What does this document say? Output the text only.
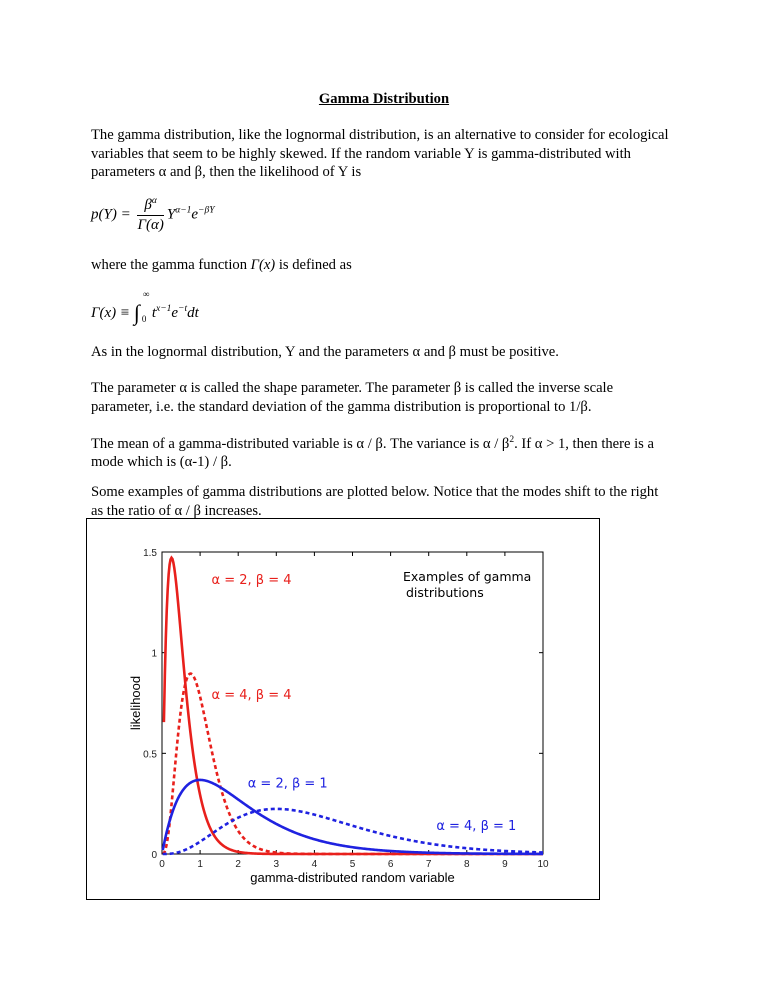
Gamma Distribution

The gamma distribution, like the lognormal distribution, is an alternative to consider for ecological variables that seem to be highly skewed. If the random variable Y is gamma-distributed with parameters α and β, then the likelihood of Y is

$p(Y) = \frac{\beta^\alpha}{\Gamma(\alpha)} Y^{\alpha-1}e^{-\beta Y}$

where the gamma function Γ(x) is defined as

Γ(x) ≡ ∫
∞
0 $t^{x-1}e^{-t}dt$

As in the lognormal distribution, Y and the parameters α and β must be positive.

The parameter α is called the shape parameter. The parameter β is called the inverse scale parameter, i.e. the standard deviation of the gamma distribution is proportional to 1/β.

The mean of a gamma-distributed variable is α / β. The variance is α / $\beta^2$. If α > 1, then there is a mode which is (α-1) / β.

Some examples of gamma distributions are plotted below. Notice that the modes shift to the right as the ratio of α / β increases.

0	1	2	3	4	5	6	7	8	9	10
0
0.5
1
1.5
gamma-distributed random variable
likelihood
Examples of gamma
distributions
α = 2, β = 4
α = 4, β = 4
α = 2, β = 1
α = 4, β = 1
